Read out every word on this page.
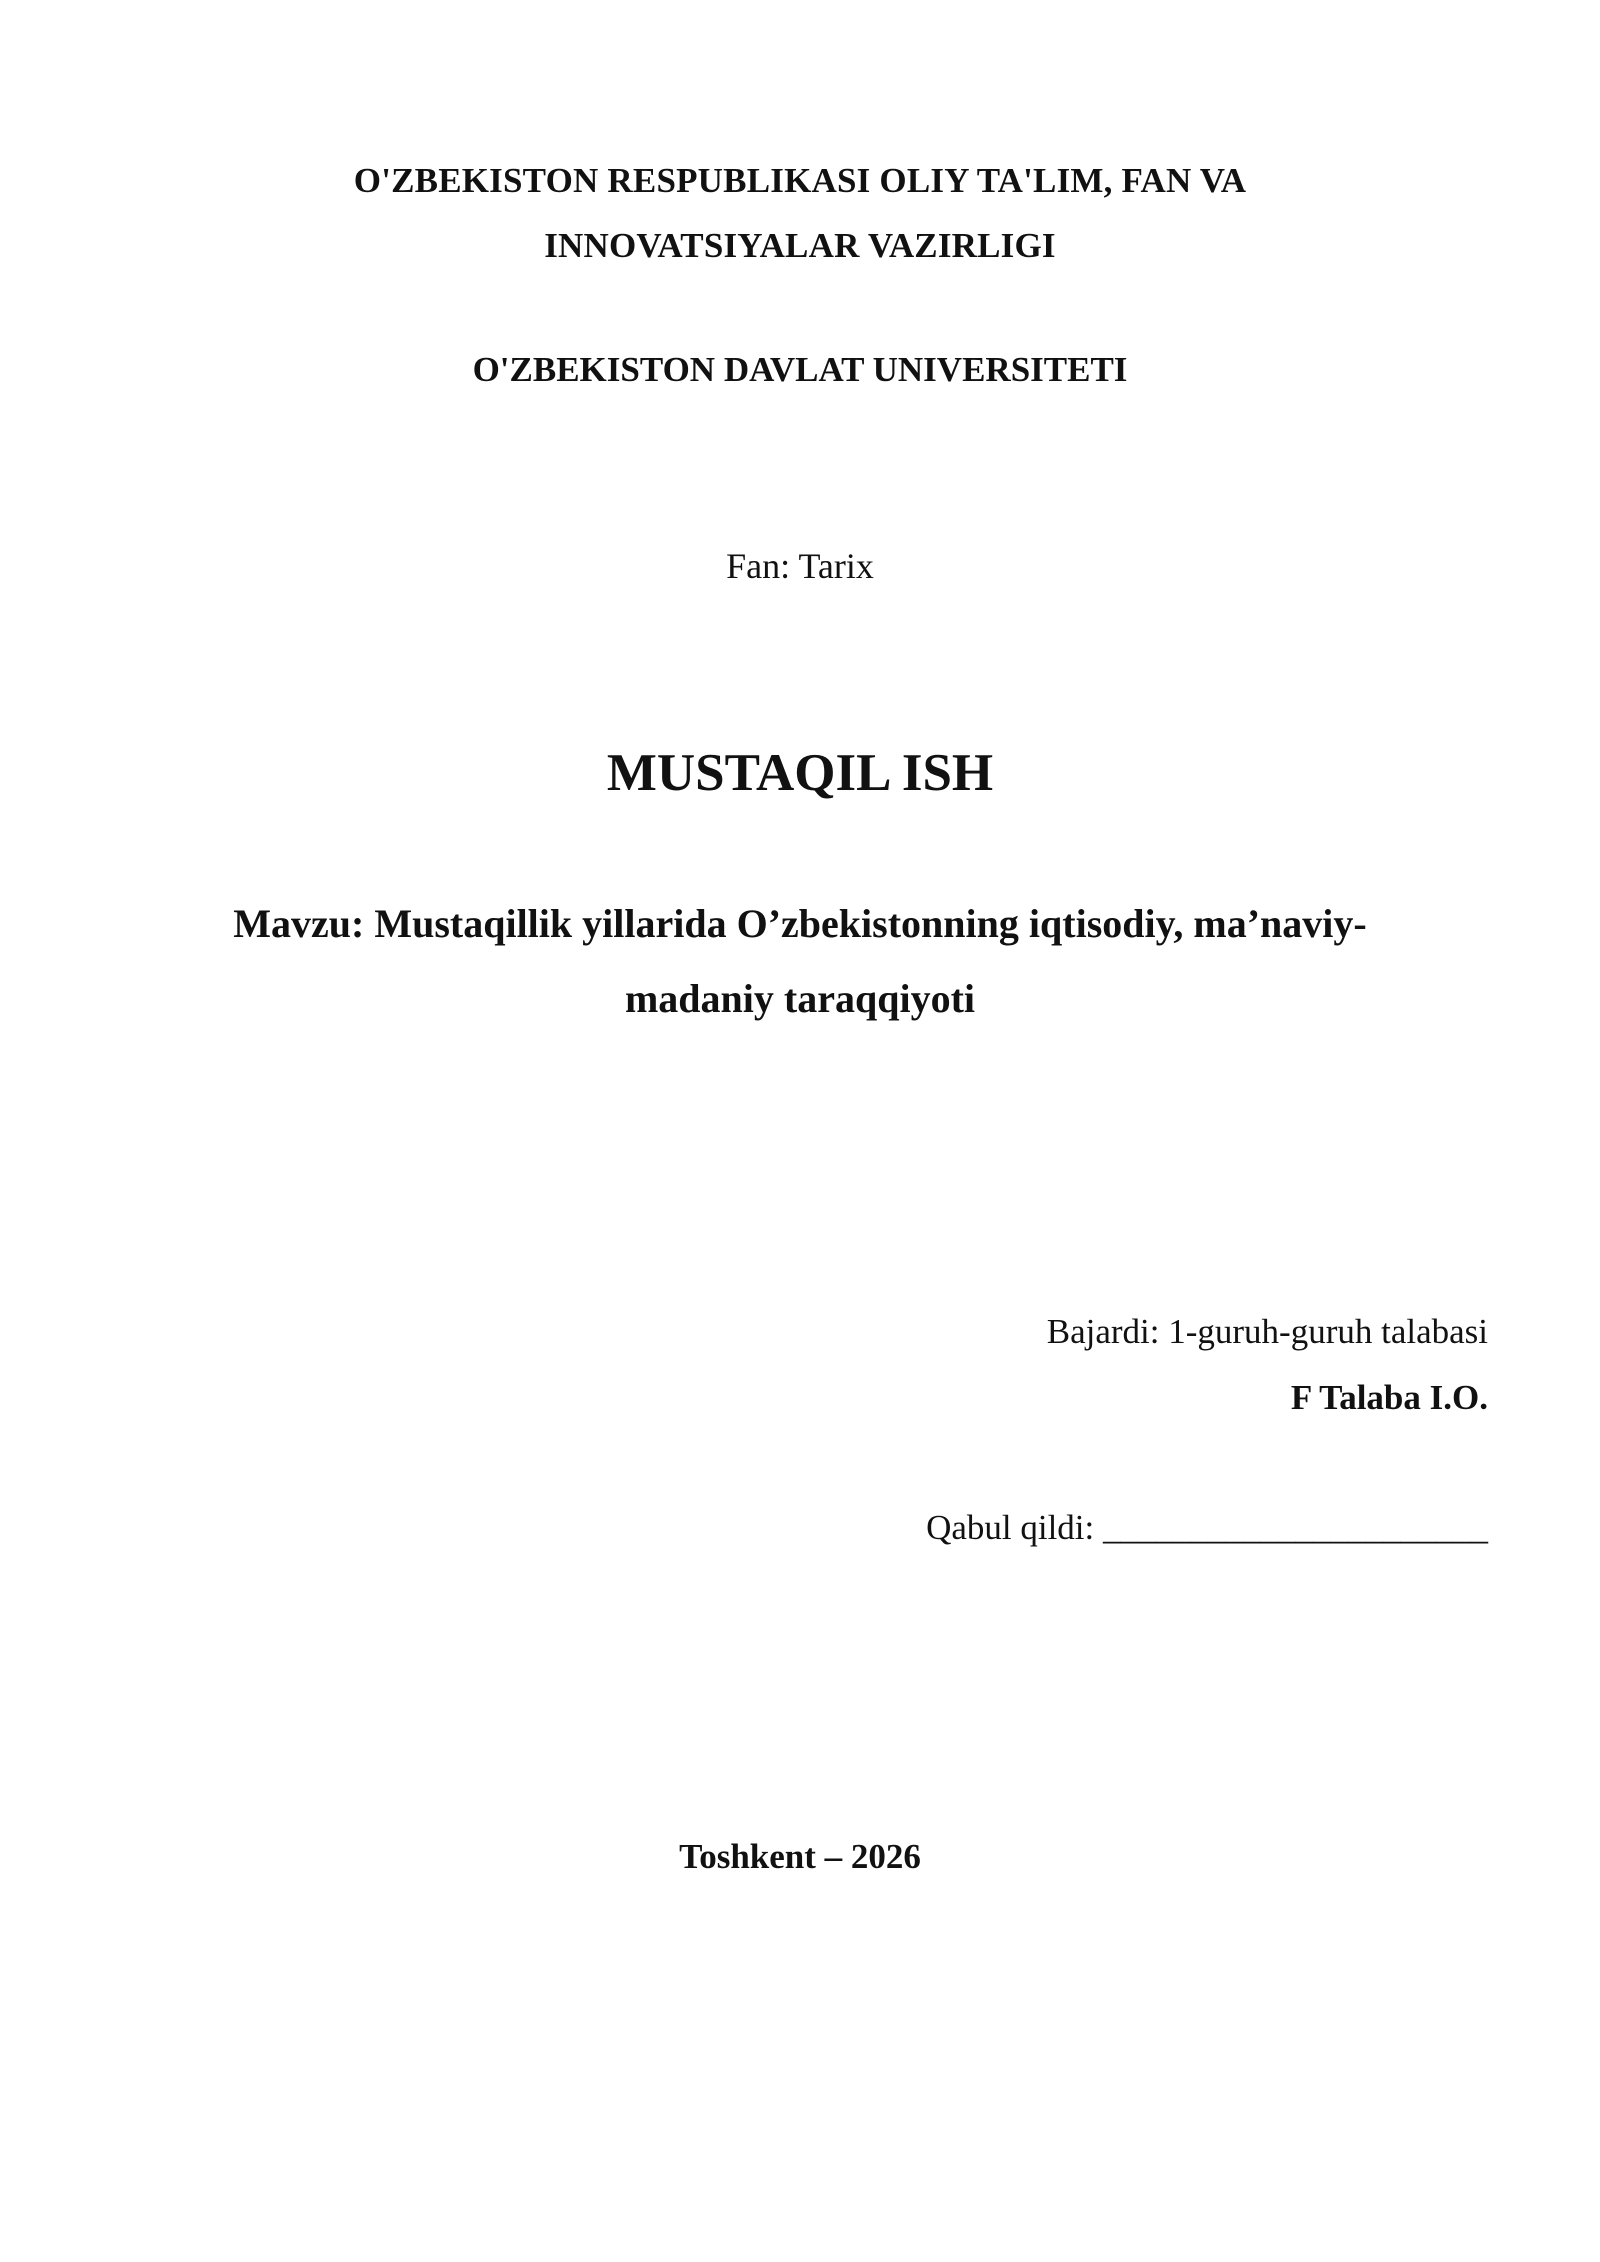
O'ZBEKISTON RESPUBLIKASI OLIY TA'LIM, FAN VA
INNOVATSIYALAR VAZIRLIGI
O'ZBEKISTON DAVLAT UNIVERSITETI
Fan: Tarix
MUSTAQIL ISH
Mavzu: Mustaqillik yillarida O’zbekistonning iqtisodiy, ma’naviy-
madaniy taraqqiyoti
Bajardi: 1-guruh-guruh talabasi
F Talaba I.O.
Qabul qildi: ______________________
Toshkent – 2026
